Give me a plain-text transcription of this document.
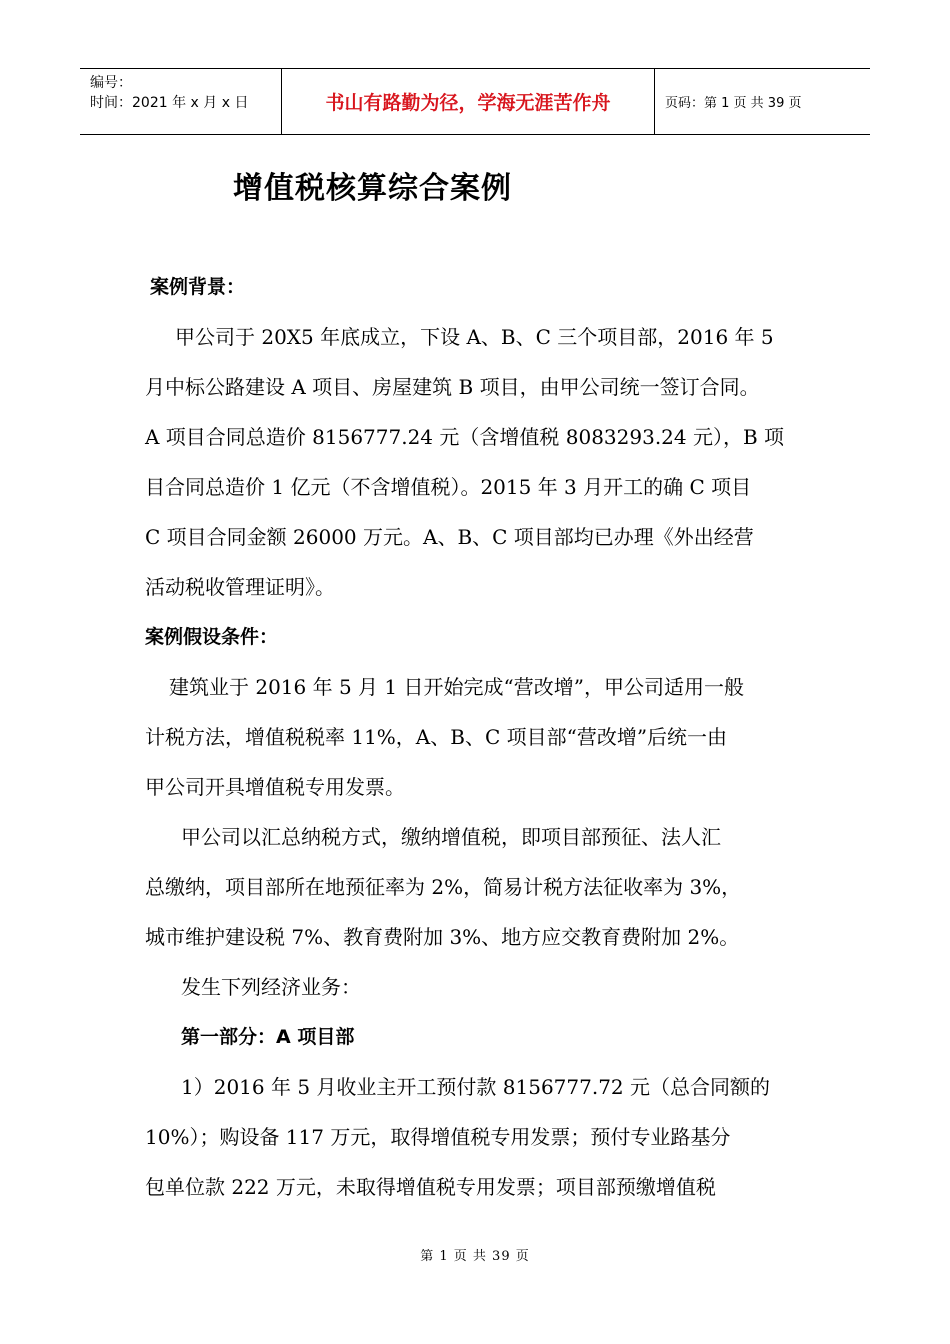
编号：
时间：2021 年 x 月 x 日	书山有路勤为径，学海无涯苦作舟	页码：第 1 页 共 39 页
增值税核算综合案例

案例背景：

甲公司于 20X5 年底成立，下设 A、B、C 三个项目部，2016 年 5

月中标公路建设 A 项目、房屋建筑 B 项目，由甲公司统一签订合同。

A 项目合同总造价 8156777.24 元（含增值税 8083293.24 元），B 项

目合同总造价 1 亿元（不含增值税）。2015 年 3 月开工的确 C 项目

C 项目合同金额 26000 万元。A、B、C 项目部均已办理《外出经营

活动税收管理证明》。

案例假设条件：

建筑业于 2016 年 5 月 1 日开始完成“营改增”，甲公司适用一般

计税方法，增值税税率 11%，A、B、C 项目部“营改增”后统一由

甲公司开具增值税专用发票。

甲公司以汇总纳税方式，缴纳增值税，即项目部预征、法人汇

总缴纳，项目部所在地预征率为 2%，简易计税方法征收率为 3%，

城市维护建设税 7%、教育费附加 3%、地方应交教育费附加 2%。

发生下列经济业务：

第一部分：A 项目部

1）2016 年 5 月收业主开工预付款 8156777.72 元（总合同额的

10%）；购设备 117 万元，取得增值税专用发票；预付专业路基分

包单位款 222 万元，未取得增值税专用发票；项目部预缴增值税

第 1 页 共 39 页
